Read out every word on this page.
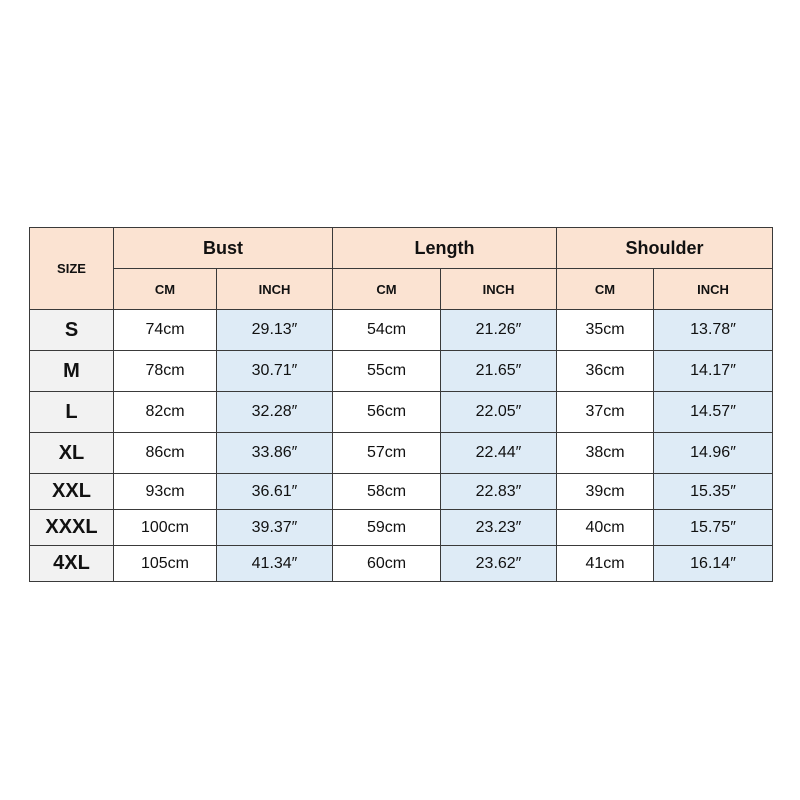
SIZE	Bust		Length		Shoulder	
	CM	INCH	CM	INCH	CM	INCH
S	74cm	29.13″	54cm	21.26″	35cm	13.78″
M	78cm	30.71″	55cm	21.65″	36cm	14.17″
L	82cm	32.28″	56cm	22.05″	37cm	14.57″
XL	86cm	33.86″	57cm	22.44″	38cm	14.96″
XXL	93cm	36.61″	58cm	22.83″	39cm	15.35″
XXXL	100cm	39.37″	59cm	23.23″	40cm	15.75″
4XL	105cm	41.34″	60cm	23.62″	41cm	16.14″
